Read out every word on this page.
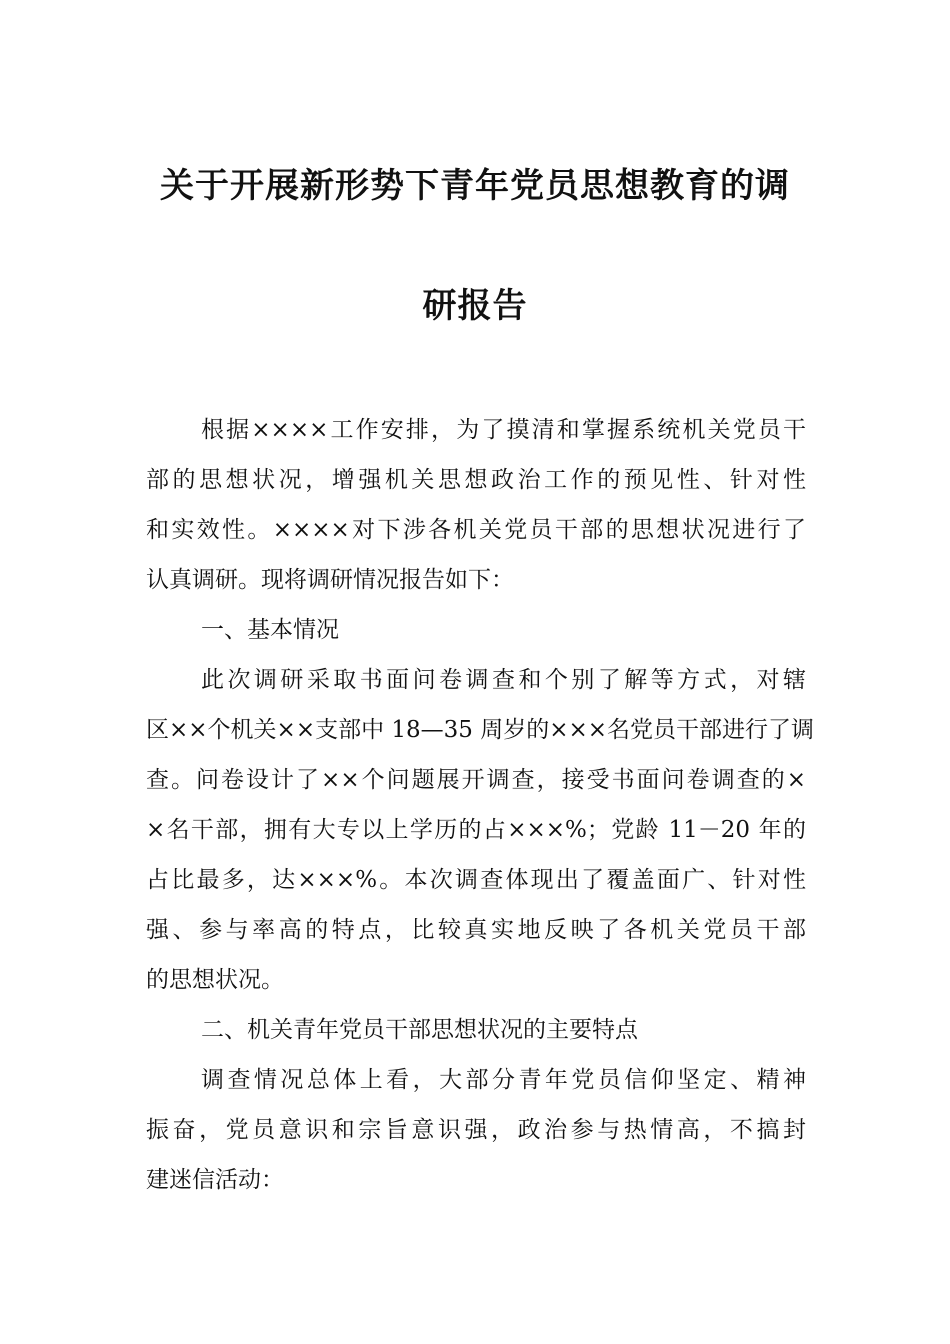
关于开展新形势下青年党员思想教育的调
研报告
根据××××工作安排，为了摸清和掌握系统机关党员干
部的思想状况，增强机关思想政治工作的预见性、针对性
和实效性。××××对下涉各机关党员干部的思想状况进行了
认真调研。现将调研情况报告如下：
一、基本情况
此次调研采取书面问卷调查和个别了解等方式，对辖
区××个机关××支部中 18—35 周岁的×××名党员干部进行了调
查。问卷设计了××个问题展开调查，接受书面问卷调查的×
×名干部，拥有大专以上学历的占×××%；党龄 11－20 年的
占比最多，达×××%。本次调查体现出了覆盖面广、针对性
强、参与率高的特点，比较真实地反映了各机关党员干部
的思想状况。
二、机关青年党员干部思想状况的主要特点
调查情况总体上看，大部分青年党员信仰坚定、精神
振奋，党员意识和宗旨意识强，政治参与热情高，不搞封
建迷信活动：
